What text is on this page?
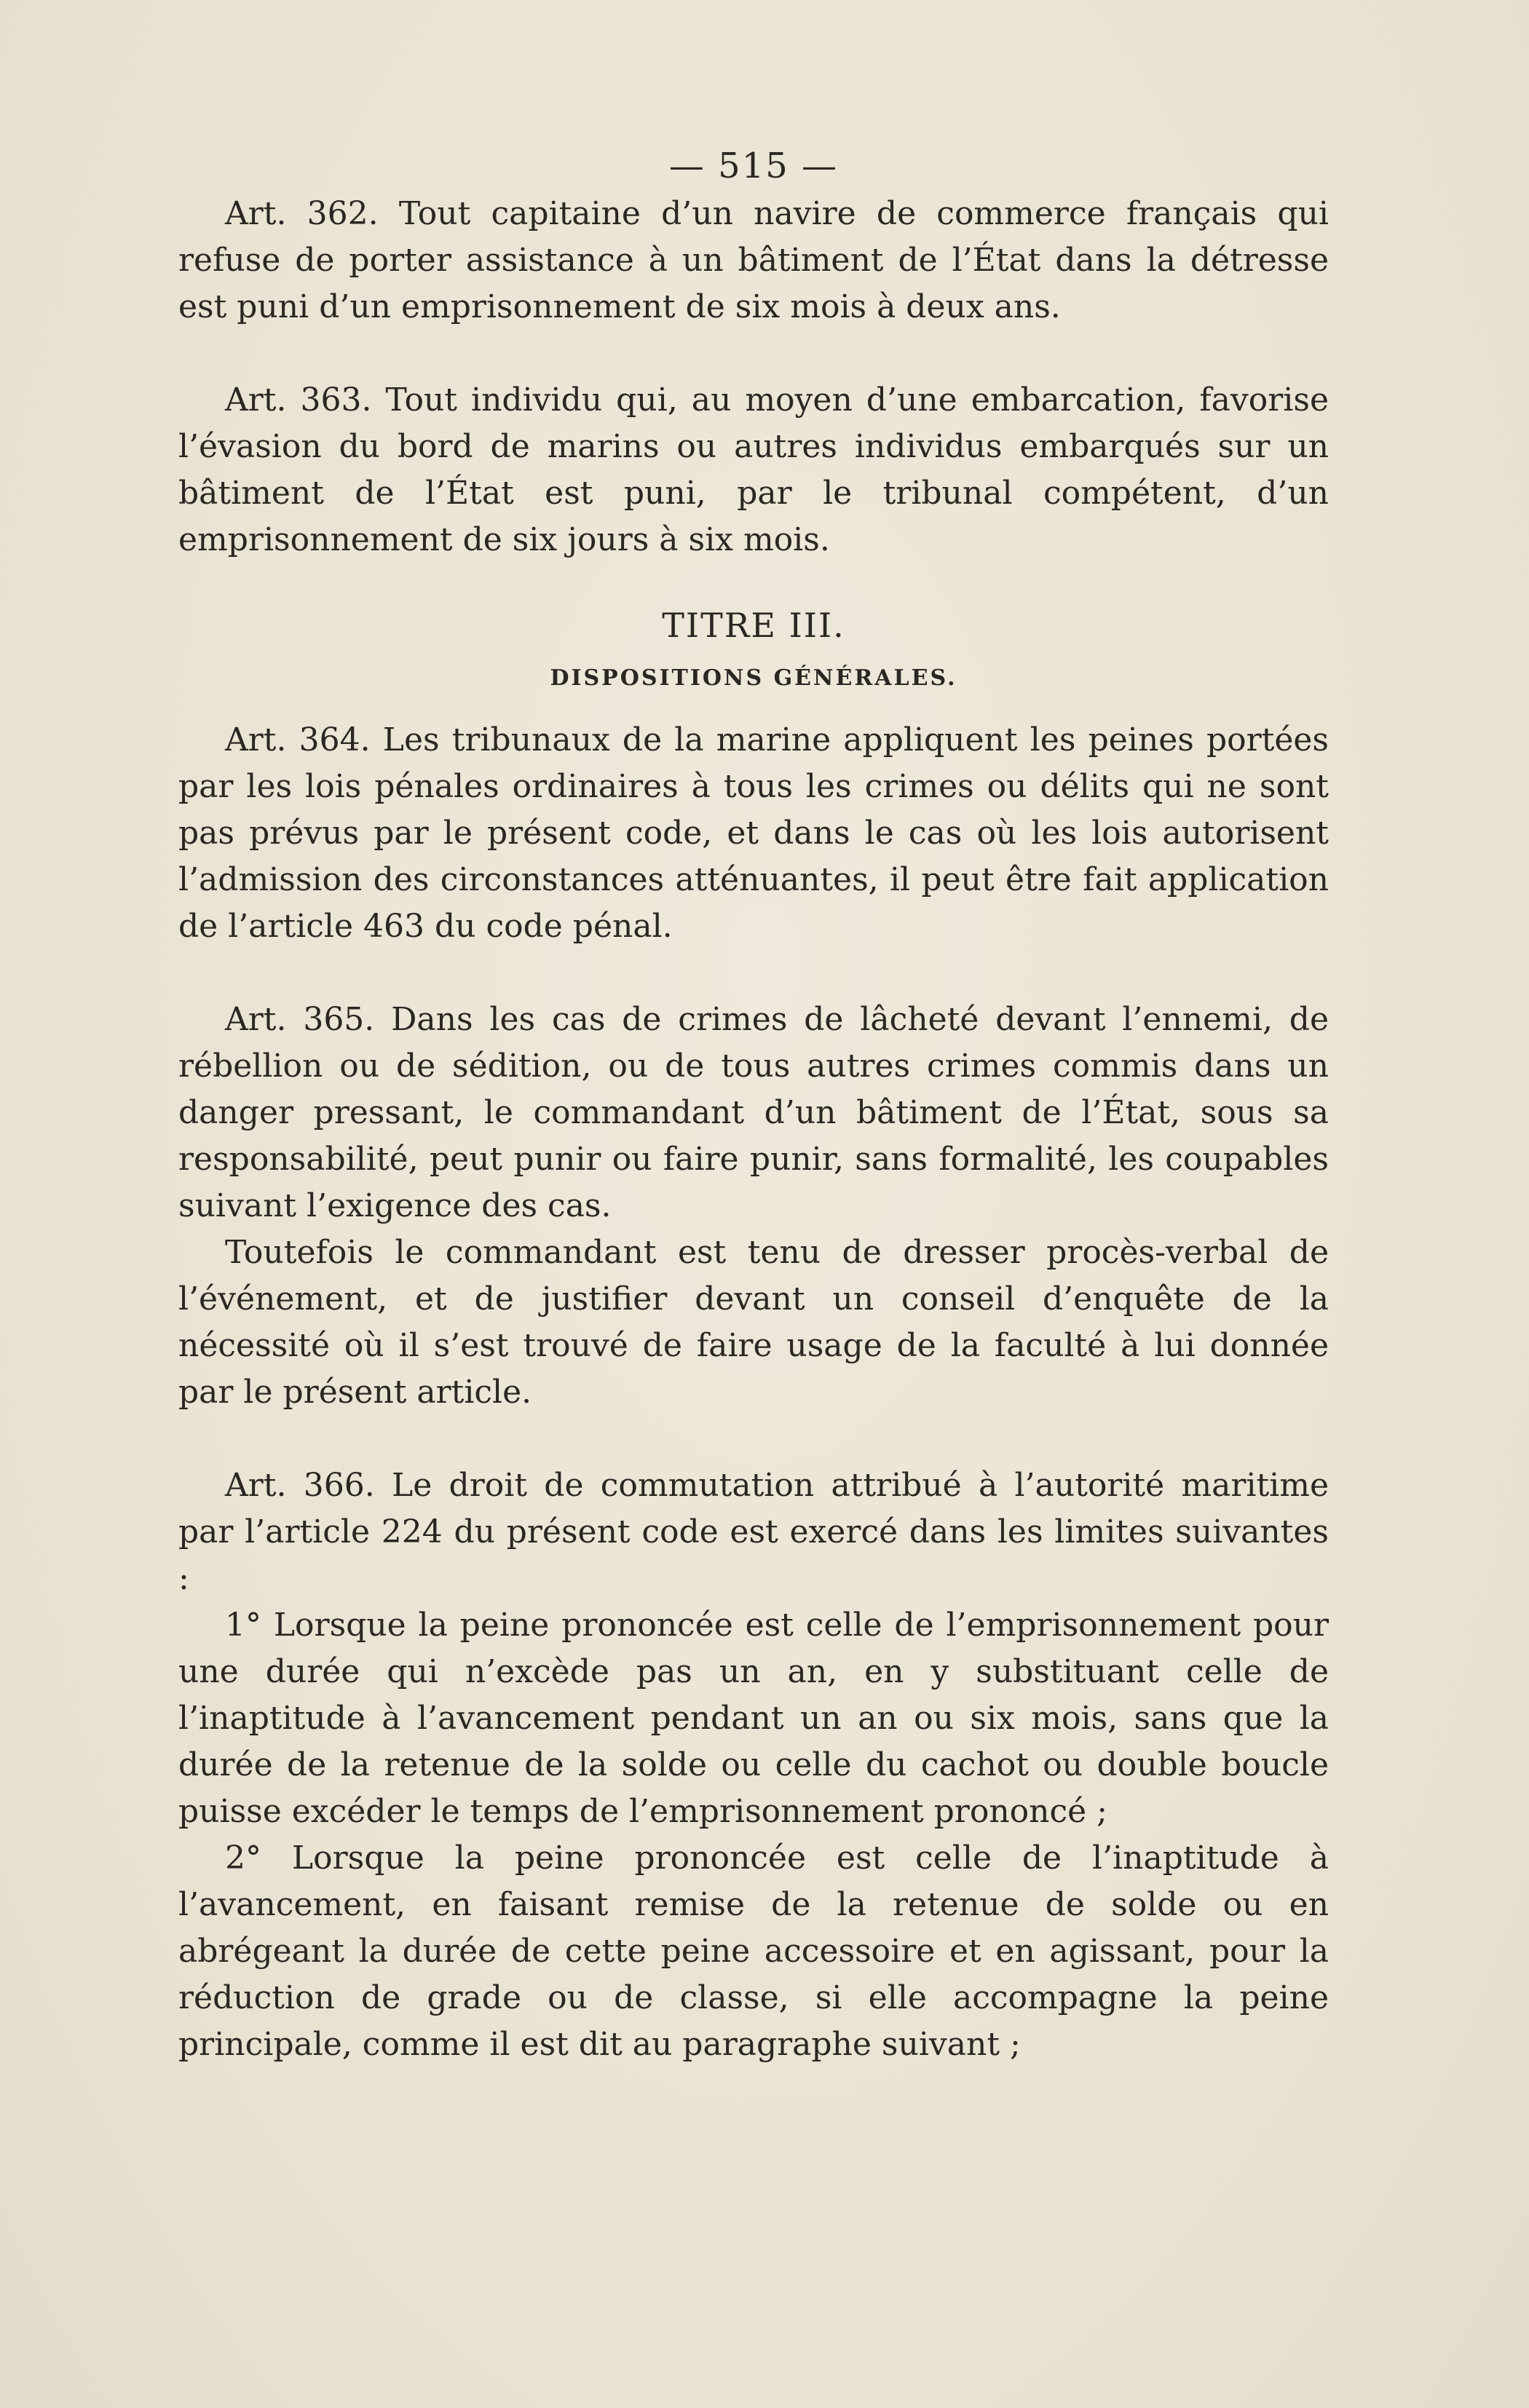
— 515 —

Art. 362. Tout capitaine d’un navire de commerce français qui refuse de porter assistance à un bâtiment de l’État dans la détresse est puni d’un emprisonnement de six mois à deux ans.

Art. 363. Tout individu qui, au moyen d’une embarcation, favorise l’évasion du bord de marins ou autres individus embarqués sur un bâtiment de l’État est puni, par le tribunal compétent, d’un emprisonnement de six jours à six mois.

TITRE III.
DISPOSITIONS GÉNÉRALES.

Art. 364. Les tribunaux de la marine appliquent les peines portées par les lois pénales ordinaires à tous les crimes ou délits qui ne sont pas prévus par le présent code, et dans le cas où les lois autorisent l’admission des circonstances atténuantes, il peut être fait application de l’article 463 du code pénal.

Art. 365. Dans les cas de crimes de lâcheté devant l’ennemi, de rébellion ou de sédition, ou de tous autres crimes commis dans un danger pressant, le commandant d’un bâtiment de l’État, sous sa responsabilité, peut punir ou faire punir, sans formalité, les coupables suivant l’exigence des cas.

Toutefois le commandant est tenu de dresser procès-verbal de l’événement, et de justifier devant un conseil d’enquête de la nécessité où il s’est trouvé de faire usage de la faculté à lui donnée par le présent article.

Art. 366. Le droit de commutation attribué à l’autorité maritime par l’article 224 du présent code est exercé dans les limites suivantes :

1° Lorsque la peine prononcée est celle de l’emprisonnement pour une durée qui n’excède pas un an, en y substituant celle de l’inaptitude à l’avancement pendant un an ou six mois, sans que la durée de la retenue de la solde ou celle du cachot ou double boucle puisse excéder le temps de l’emprisonnement prononcé ;

2° Lorsque la peine prononcée est celle de l’inaptitude à l’avancement, en faisant remise de la retenue de solde ou en abrégeant la durée de cette peine accessoire et en agissant, pour la réduction de grade ou de classe, si elle accompagne la peine principale, comme il est dit au paragraphe suivant ;
